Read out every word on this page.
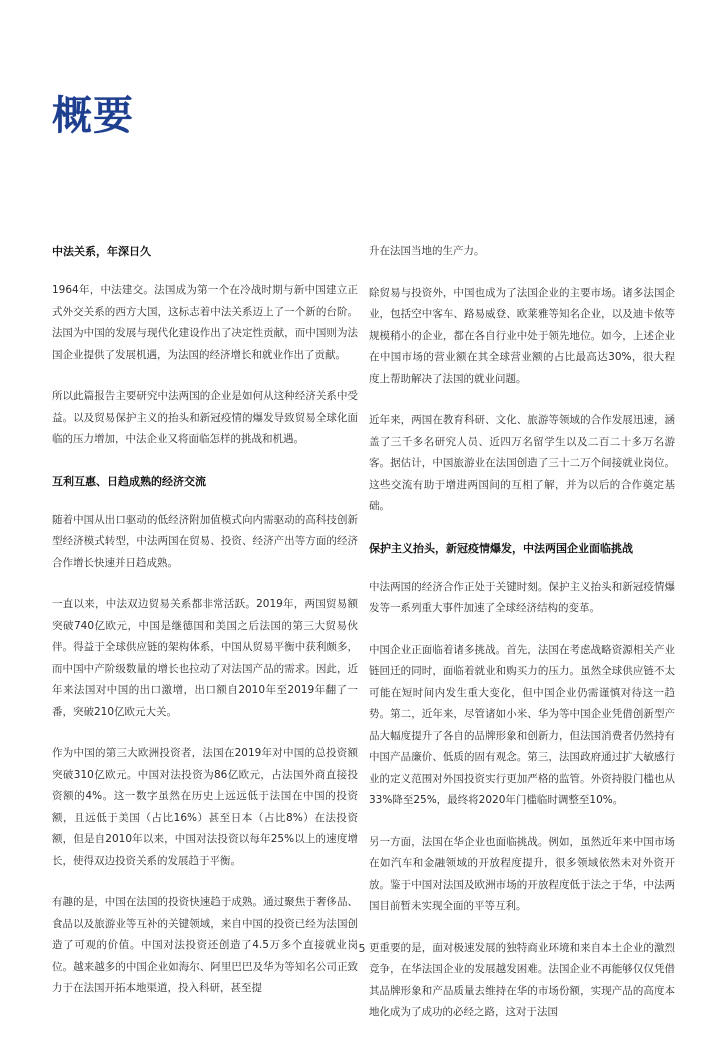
概要
中法关系，年深日久

1964年，中法建交。法国成为第一个在冷战时期与新中国建立正式外交关系的西方大国，这标志着中法关系迈上了一个新的台阶。法国为中国的发展与现代化建设作出了决定性贡献，而中国则为法国企业提供了发展机遇，为法国的经济增长和就业作出了贡献。

所以此篇报告主要研究中法两国的企业是如何从这种经济关系中受益。以及贸易保护主义的抬头和新冠疫情的爆发导致贸易全球化面临的压力增加，中法企业又将面临怎样的挑战和机遇。

互利互惠、日趋成熟的经济交流

随着中国从出口驱动的低经济附加值模式向内需驱动的高科技创新型经济模式转型，中法两国在贸易、投资、经济产出等方面的经济合作增长快速并日趋成熟。

一直以来，中法双边贸易关系都非常活跃。2019年，两国贸易额突破740亿欧元，中国是继德国和美国之后法国的第三大贸易伙伴。得益于全球供应链的架构体系，中国从贸易平衡中获利颇多，而中国中产阶级数量的增长也拉动了对法国产品的需求。因此，近年来法国对中国的出口激增，出口额自2010年至2019年翻了一番，突破210亿欧元大关。

作为中国的第三大欧洲投资者，法国在2019年对中国的总投资额突破310亿欧元。中国对法投资为86亿欧元，占法国外商直接投资额的4%。这一数字虽然在历史上远远低于法国在中国的投资额，且远低于美国（占比16%）甚至日本（占比8%）在法投资额，但是自2010年以来，中国对法投资以每年25%以上的速度增长，使得双边投资关系的发展趋于平衡。

有趣的是，中国在法国的投资快速趋于成熟。通过聚焦于奢侈品、食品以及旅游业等互补的关键领域，来自中国的投资已经为法国创造了可观的价值。中国对法投资还创造了4.5万多个直接就业岗位。越来越多的中国企业如海尔、阿里巴巴及华为等知名公司正致力于在法国开拓本地渠道，投入科研，甚至提

升在法国当地的生产力。

除贸易与投资外，中国也成为了法国企业的主要市场。诸多法国企业，包括空中客车、路易威登、欧莱雅等知名企业，以及迪卡侬等规模稍小的企业，都在各自行业中处于领先地位。如今，上述企业在中国市场的营业额在其全球营业额的占比最高达30%，很大程度上帮助解决了法国的就业问题。

近年来，两国在教育科研、文化、旅游等领域的合作发展迅速，涵盖了三千多名研究人员、近四万名留学生以及二百二十多万名游客。据估计，中国旅游业在法国创造了三十二万个间接就业岗位。这些交流有助于增进两国间的互相了解，并为以后的合作奠定基础。

保护主义抬头，新冠疫情爆发，中法两国企业面临挑战

中法两国的经济合作正处于关键时刻。保护主义抬头和新冠疫情爆发等一系列重大事件加速了全球经济结构的变革。

中国企业正面临着诸多挑战。首先，法国在考虑战略资源相关产业链回迁的同时，面临着就业和购买力的压力。虽然全球供应链不太可能在短时间内发生重大变化，但中国企业仍需谨慎对待这一趋势。第二，近年来，尽管诸如小米、华为等中国企业凭借创新型产品大幅度提升了各自的品牌形象和创新力，但法国消费者仍然持有中国产品廉价、低质的固有观念。第三，法国政府通过扩大敏感行业的定义范围对外国投资实行更加严格的监管。外资持股门槛也从33%降至25%，最终将2020年门槛临时调整至10%。

另一方面，法国在华企业也面临挑战。例如，虽然近年来中国市场在如汽车和金融领域的开放程度提升，很多领域依然未对外资开放。鉴于中国对法国及欧洲市场的开放程度低于法之于华，中法两国目前暂未实现全面的平等互利。

更重要的是，面对极速发展的独特商业环境和来自本土企业的激烈竞争，在华法国企业的发展越发困难。法国企业不再能够仅仅凭借其品牌形象和产品质量去维持在华的市场份额，实现产品的高度本地化成为了成功的必经之路，这对于法国

5
